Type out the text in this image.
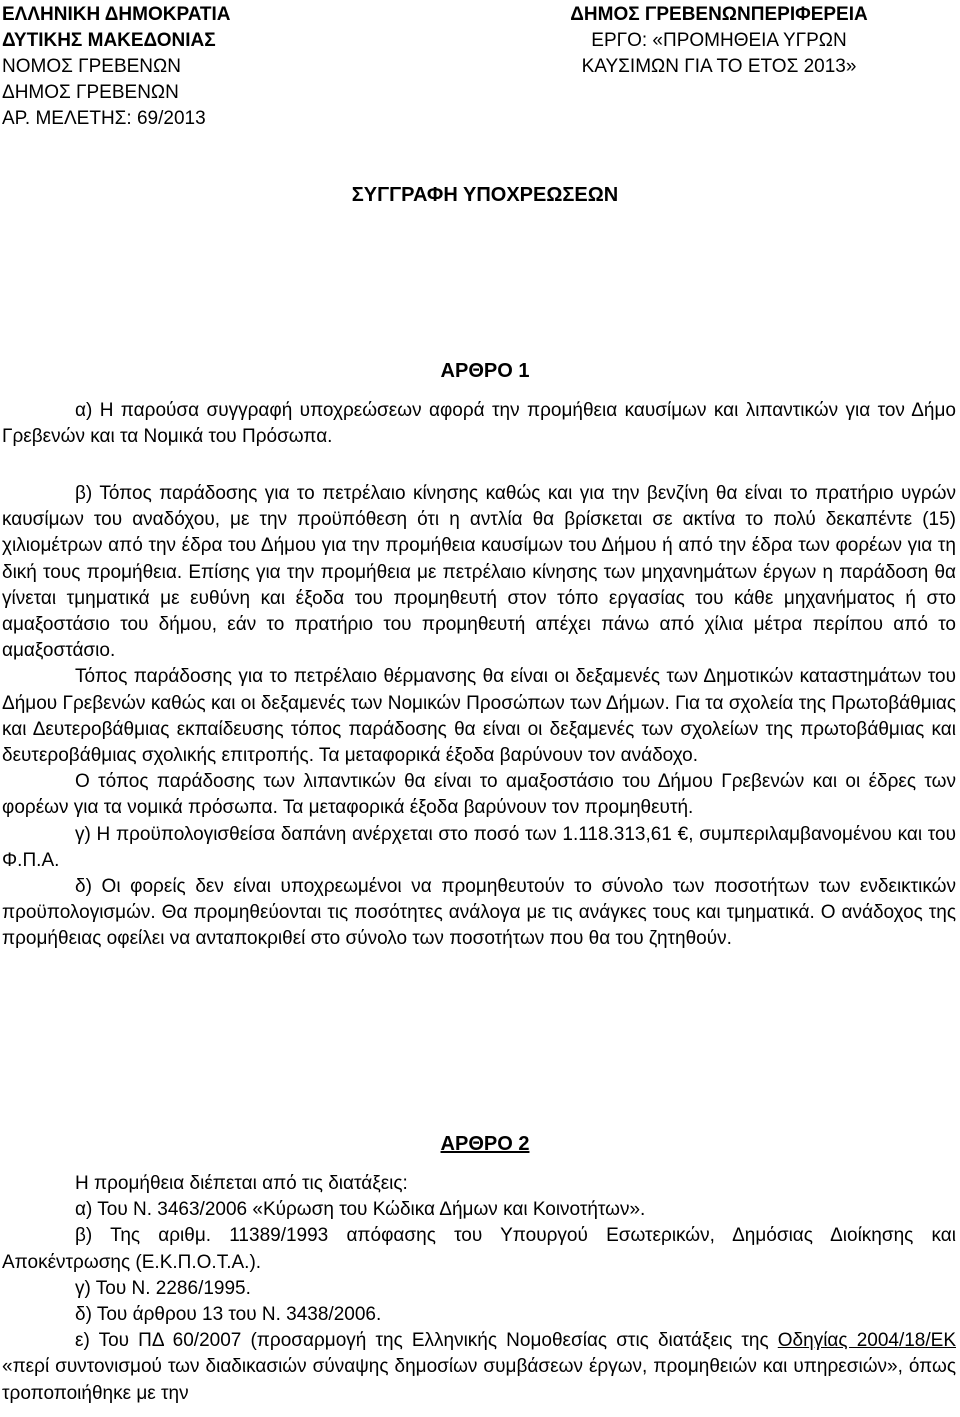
ΕΛΛΗΝΙΚΗ ΔΗΜΟΚΡΑΤΙΑ
ΔΥΤΙΚΗΣ ΜΑΚΕΔΟΝΙΑΣ
ΝΟΜΟΣ ΓΡΕΒΕΝΩΝ
ΔΗΜΟΣ ΓΡΕΒΕΝΩΝ
ΑΡ. ΜΕΛΕΤΗΣ: 69/2013
ΔΗΜΟΣ ΓΡΕΒΕΝΩΝΠΕΡΙΦΕΡΕΙΑ
ΕΡΓΟ: «ΠΡΟΜΗΘΕΙΑ ΥΓΡΩΝ
ΚΑΥΣΙΜΩΝ ΓΙΑ ΤΟ ΕΤΟΣ 2013»
ΣΥΓΓΡΑΦΗ ΥΠΟΧΡΕΩΣΕΩΝ
ΑΡΘΡΟ 1

α) Η παρούσα συγγραφή υποχρεώσεων αφορά την προμήθεια καυσίμων και λιπαντικών για τον Δήμο Γρεβενών και τα Νομικά του Πρόσωπα.

β) Τόπος παράδοσης για το πετρέλαιο κίνησης καθώς και για την βενζίνη θα είναι το πρατήριο υγρών καυσίμων του αναδόχου, με την προϋπόθεση ότι η αντλία θα βρίσκεται σε ακτίνα το πολύ δεκαπέντε (15) χιλιομέτρων από την έδρα του Δήμου για την προμήθεια καυσίμων του Δήμου ή από την έδρα των φορέων για τη δική τους προμήθεια. Επίσης για την προμήθεια με πετρέλαιο κίνησης των μηχανημάτων έργων η παράδοση θα γίνεται τμηματικά με ευθύνη και έξοδα του προμηθευτή στον τόπο εργασίας του κάθε μηχανήματος ή στο αμαξοστάσιο του δήμου, εάν το πρατήριο του προμηθευτή απέχει πάνω από χίλια μέτρα περίπου από το αμαξοστάσιο.

Τόπος παράδοσης για το πετρέλαιο θέρμανσης θα είναι οι δεξαμενές των Δημοτικών καταστημάτων του Δήμου Γρεβενών καθώς και οι δεξαμενές των Νομικών Προσώπων των Δήμων. Για τα σχολεία της Πρωτοβάθμιας και Δευτεροβάθμιας εκπαίδευσης τόπος παράδοσης θα είναι οι δεξαμενές των σχολείων της πρωτοβάθμιας και δευτεροβάθμιας σχολικής επιτροπής. Τα μεταφορικά έξοδα βαρύνουν τον ανάδοχο.

Ο τόπος παράδοσης των λιπαντικών θα είναι το αμαξοστάσιο του Δήμου Γρεβενών και οι έδρες των φορέων για τα νομικά πρόσωπα. Τα μεταφορικά έξοδα βαρύνουν τον προμηθευτή.

γ) Η προϋπολογισθείσα δαπάνη ανέρχεται στο ποσό των 1.118.313,61 €, συμπεριλαμβανομένου και του Φ.Π.Α.

δ) Οι φορείς δεν είναι υποχρεωμένοι να προμηθευτούν το σύνολο των ποσοτήτων των ενδεικτικών προϋπολογισμών. Θα προμηθεύονται τις ποσότητες ανάλογα με τις ανάγκες τους και τμηματικά. Ο ανάδοχος της προμήθειας οφείλει να ανταποκριθεί στο σύνολο των ποσοτήτων που θα του ζητηθούν.

ΑΡΘΡΟ 2

Η προμήθεια διέπεται από τις διατάξεις:

α) Του Ν. 3463/2006 «Κύρωση του Κώδικα Δήμων και Κοινοτήτων».

β) Της αριθμ. 11389/1993 απόφασης του Υπουργού Εσωτερικών, Δημόσιας Διοίκησης και Αποκέντρωσης (Ε.Κ.Π.Ο.Τ.Α.).

γ) Του Ν. 2286/1995.

δ) Του άρθρου 13 του Ν. 3438/2006.

ε) Του ΠΔ 60/2007 (προσαρμογή της Ελληνικής Νομοθεσίας στις διατάξεις της Οδηγίας 2004/18/ΕΚ «περί συντονισμού των διαδικασιών σύναψης δημοσίων συμβάσεων έργων, προμηθειών και υπηρεσιών», όπως τροποποιήθηκε με την
